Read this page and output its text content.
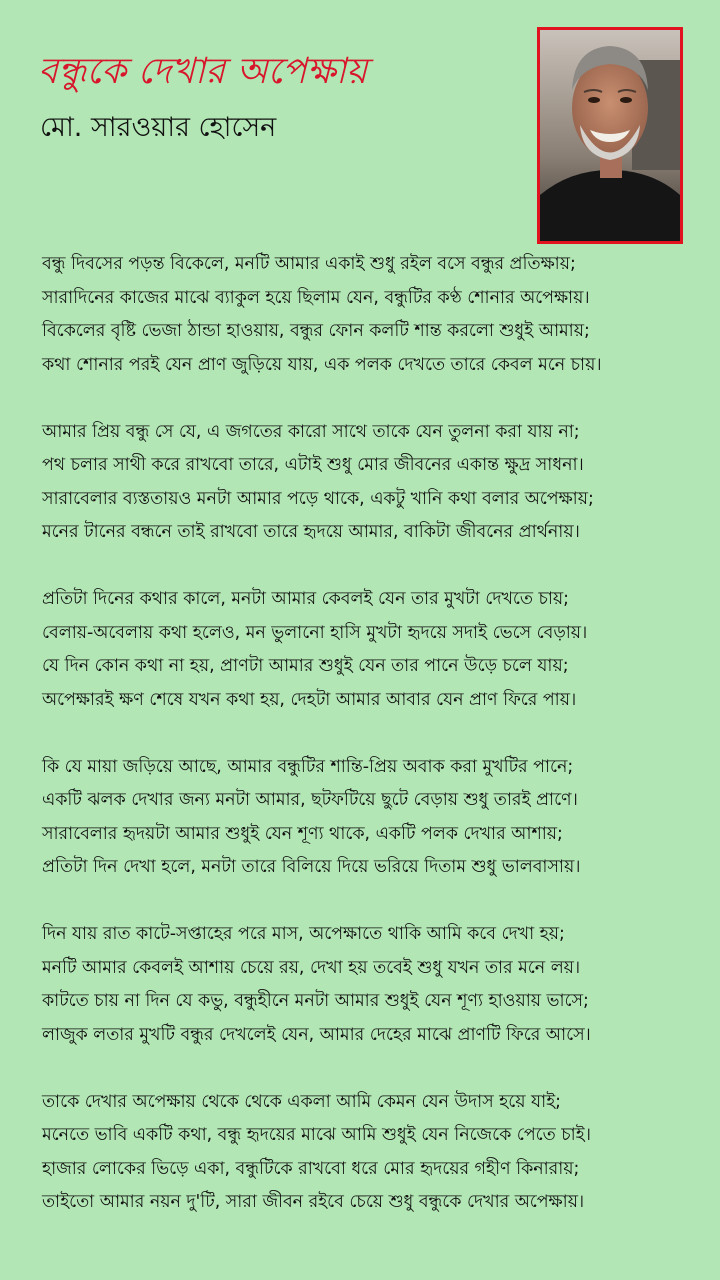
বন্ধুকে দেখার অপেক্ষায়
মো. সারওয়ার হোসেন
বন্ধু দিবসের পড়ন্ত বিকেলে, মনটি আমার একাই শুধু রইল বসে বন্ধুর প্রতিক্ষায়;
সারাদিনের কাজের মাঝে ব্যাকুল হয়ে ছিলাম যেন, বন্ধুটির কণ্ঠ শোনার অপেক্ষায়।
বিকেলের বৃষ্টি ভেজা ঠান্ডা হাওয়ায়, বন্ধুর ফোন কলটি শান্ত করলো শুধুই আমায়;
কথা শোনার পরই যেন প্রাণ জুড়িয়ে যায়, এক পলক দেখতে তারে কেবল মনে চায়।
আমার প্রিয় বন্ধু সে যে, এ জগতের কারো সাথে তাকে যেন তুলনা করা যায় না;
পথ চলার সাথী করে রাখবো তারে, এটাই শুধু মোর জীবনের একান্ত ক্ষুদ্র সাধনা।
সারাবেলার ব্যস্ততায়ও মনটা আমার পড়ে থাকে, একটু খানি কথা বলার অপেক্ষায়;
মনের টানের বন্ধনে তাই রাখবো তারে হৃদয়ে আমার, বাকিটা জীবনের প্রার্থনায়।
প্রতিটা দিনের কথার কালে, মনটা আমার কেবলই যেন তার মুখটা দেখতে চায়;
বেলায়-অবেলায় কথা হলেও, মন ভুলানো হাসি মুখটা হৃদয়ে সদাই ভেসে বেড়ায়।
যে দিন কোন কথা না হয়, প্রাণটা আমার শুধুই যেন তার পানে উড়ে চলে যায়;
অপেক্ষারই ক্ষণ শেষে যখন কথা হয়, দেহটা আমার আবার যেন প্রাণ ফিরে পায়।
কি যে মায়া জড়িয়ে আছে, আমার বন্ধুটির শান্তি-প্রিয় অবাক করা মুখটির পানে;
একটি ঝলক দেখার জন্য মনটা আমার, ছটফটিয়ে ছুটে বেড়ায় শুধু তারই প্রাণে।
সারাবেলার হৃদয়টা আমার শুধুই যেন শূণ্য থাকে, একটি পলক দেখার আশায়;
প্রতিটা দিন দেখা হলে, মনটা তারে বিলিয়ে দিয়ে ভরিয়ে দিতাম শুধু ভালবাসায়।
দিন যায় রাত কাটে-সপ্তাহের পরে মাস, অপেক্ষাতে থাকি আমি কবে দেখা হয়;
মনটি আমার কেবলই আশায় চেয়ে রয়, দেখা হয় তবেই শুধু যখন তার মনে লয়।
কাটতে চায় না দিন যে কভু, বন্ধুহীনে মনটা আমার শুধুই যেন শূণ্য হাওয়ায় ভাসে;
লাজুক লতার মুখটি বন্ধুর দেখলেই যেন, আমার দেহের মাঝে প্রাণটি ফিরে আসে।
তাকে দেখার অপেক্ষায় থেকে থেকে একলা আমি কেমন যেন উদাস হয়ে যাই;
মনেতে ভাবি একটি কথা, বন্ধু হৃদয়ের মাঝে আমি শুধুই যেন নিজেকে পেতে চাই।
হাজার লোকের ভিড়ে একা, বন্ধুটিকে রাখবো ধরে মোর হৃদয়ের গহীণ কিনারায়;
তাইতো আমার নয়ন দু'টি, সারা জীবন রইবে চেয়ে শুধু বন্ধুকে দেখার অপেক্ষায়।
